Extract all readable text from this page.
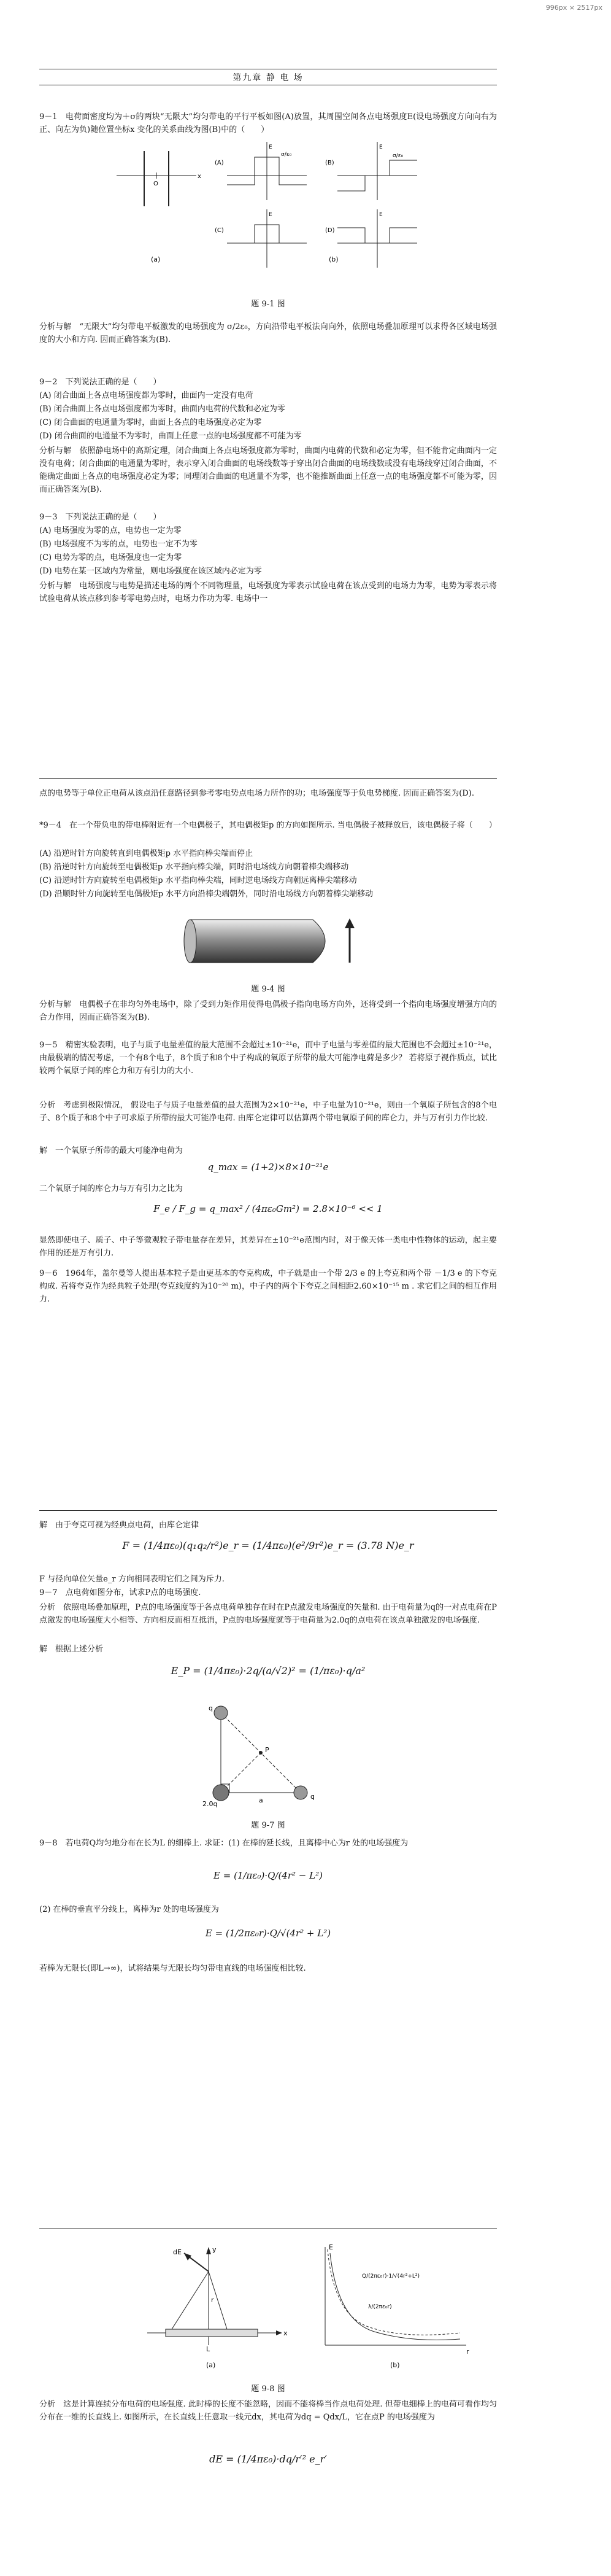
996px × 2517px
第九章 静 电 场
9－1　电荷面密度均为＋σ的两块“无限大”均匀带电的平行平板如图(A)放置，其周围空间各点电场强度E(设电场强度方向向右为正、向左为负)随位置坐标x 变化的关系曲线为图(B)中的（　　）
O
x
(a)
(A)
E
σ/ε₀
(B)
E
σ/ε₀
(C)
E
(D)
E
(b)
题 9-1 图
分析与解　“无限大”均匀带电平板激发的电场强度为 σ/2ε₀，方向沿带电平板法向向外，依照电场叠加原理可以求得各区域电场强度的大小和方向. 因而正确答案为(B).
9－2　下列说法正确的是（　　）
(A) 闭合曲面上各点电场强度都为零时，曲面内一定没有电荷
(B) 闭合曲面上各点电场强度都为零时，曲面内电荷的代数和必定为零
(C) 闭合曲面的电通量为零时，曲面上各点的电场强度必定为零
(D) 闭合曲面的电通量不为零时，曲面上任意一点的电场强度都不可能为零
分析与解　依照静电场中的高斯定理，闭合曲面上各点电场强度都为零时，曲面内电荷的代数和必定为零，但不能肯定曲面内一定没有电荷；闭合曲面的电通量为零时，表示穿入闭合曲面的电场线数等于穿出闭合曲面的电场线数或没有电场线穿过闭合曲面，不能确定曲面上各点的电场强度必定为零；同理闭合曲面的电通量不为零，也不能推断曲面上任意一点的电场强度都不可能为零，因而正确答案为(B).
9－3　下列说法正确的是（　　）
(A) 电场强度为零的点，电势也一定为零
(B) 电场强度不为零的点，电势也一定不为零
(C) 电势为零的点，电场强度也一定为零
(D) 电势在某一区域内为常量，则电场强度在该区域内必定为零
分析与解　电场强度与电势是描述电场的两个不同物理量，电场强度为零表示试验电荷在该点受到的电场力为零，电势为零表示将试验电荷从该点移到参考零电势点时，电场力作功为零. 电场中一
点的电势等于单位正电荷从该点沿任意路径到参考零电势点电场力所作的功；电场强度等于负电势梯度. 因而正确答案为(D).
*9－4　在一个带负电的带电棒附近有一个电偶极子，其电偶极矩p 的方向如图所示. 当电偶极子被释放后，该电偶极子将（　　）
(A) 沿逆时针方向旋转直到电偶极矩p 水平指向棒尖端而停止
(B) 沿逆时针方向旋转至电偶极矩p 水平指向棒尖端，同时沿电场线方向朝着棒尖端移动
(C) 沿逆时针方向旋转至电偶极矩p 水平指向棒尖端，同时逆电场线方向朝远离棒尖端移动
(D) 沿顺时针方向旋转至电偶极矩p 水平方向沿棒尖端朝外，同时沿电场线方向朝着棒尖端移动
题 9-4 图
分析与解　电偶极子在非均匀外电场中，除了受到力矩作用使得电偶极子指向电场方向外，还将受到一个指向电场强度增强方向的合力作用，因而正确答案为(B).
9－5　精密实验表明，电子与质子电量差值的最大范围不会超过±10⁻²¹e，而中子电量与零差值的最大范围也不会超过±10⁻²¹e，由最极端的情况考虑，一个有8个电子，8个质子和8个中子构成的氧原子所带的最大可能净电荷是多少？ 若将原子视作质点，试比较两个氧原子间的库仑力和万有引力的大小.
分析　考虑到极限情况， 假设电子与质子电量差值的最大范围为2×10⁻²¹e，中子电量为10⁻²¹e，则由一个氧原子所包含的8个电子、8个质子和8个中子可求原子所带的最大可能净电荷. 由库仑定律可以估算两个带电氧原子间的库仑力，并与万有引力作比较.
解　一个氧原子所带的最大可能净电荷为
q_max = (1+2)×8×10⁻²¹e
二个氧原子间的库仑力与万有引力之比为
F_e / F_g = q_max² / (4πε₀Gm²) = 2.8×10⁻⁶ << 1
显然即使电子、质子、中子等微观粒子带电量存在差异，其差异在±10⁻²¹e范围内时，对于像天体一类电中性物体的运动，起主要作用的还是万有引力.
9－6　1964年，盖尔曼等人提出基本粒子是由更基本的夸克构成，中子就是由一个带 2/3 e 的上夸克和两个带 －1/3 e 的下夸克构成. 若将夸克作为经典粒子处理(夸克线度约为10⁻²⁰ m)，中子内的两个下夸克之间相距2.60×10⁻¹⁵ m . 求它们之间的相互作用力.
解　由于夸克可视为经典点电荷，由库仑定律
F = (1/4πε₀)(q₁q₂/r²)e_r = (1/4πε₀)(e²/9r²)e_r = (3.78 N)e_r
F 与径向单位矢量e_r 方向相同表明它们之间为斥力.
9－7　点电荷如图分布，试求P点的电场强度.
分析　依照电场叠加原理，P点的电场强度等于各点电荷单独存在时在P点激发电场强度的矢量和. 由于电荷量为q的一对点电荷在P点激发的电场强度大小相等、方向相反而相互抵消，P点的电场强度就等于电荷量为2.0q的点电荷在该点单独激发的电场强度.
解　根据上述分析
E_P = (1/4πε₀)·2q/(a/√2)² = (1/πε₀)·q/a²
q
q
2.0q
P
a
题 9-7 图
9－8　若电荷Q均匀地分布在长为L 的细棒上. 求证：(1) 在棒的延长线，且离棒中心为r 处的电场强度为
E = (1/πε₀)·Q/(4r² − L²)
(2) 在棒的垂直平分线上，离棒为r 处的电场强度为
E = (1/2πε₀r)·Q/√(4r² + L²)
若棒为无限长(即L→∞)，试将结果与无限长均匀带电直线的电场强度相比较.
dE	y
x
r
L
(a)
E
r
Q/(2πε₀r)·1/√(4r²+L²)
λ/(2πε₀r)
(b)
题 9-8 图
分析　这是计算连续分布电荷的电场强度. 此时棒的长度不能忽略，因而不能将棒当作点电荷处理. 但带电细棒上的电荷可看作均匀分布在一维的长直线上. 如图所示，在长直线上任意取一线元dx，其电荷为dq = Qdx/L，它在点P 的电场强度为
dE = (1/4πε₀)·dq/r′² e_r′
